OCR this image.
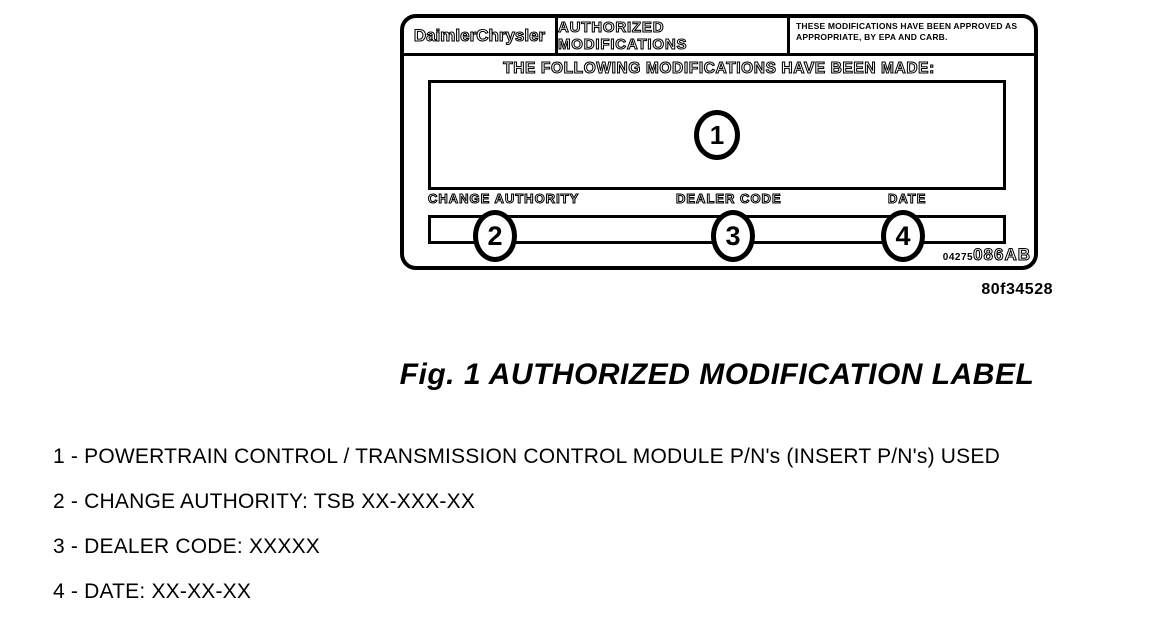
DaimlerChrysler AUTHORIZED MODIFICATIONS
THESE MODIFICATIONS HAVE BEEN APPROVED AS APPROPRIATE, BY EPA AND CARB.
THE FOLLOWING MODIFICATIONS HAVE BEEN MADE:
1
CHANGE AUTHORITY	DEALER CODE	DATE
2	3	4
04275 086AB
80f34528
Fig. 1 AUTHORIZED MODIFICATION LABEL
1 - POWERTRAIN CONTROL / TRANSMISSION CONTROL MODULE P/N's (INSERT P/N's) USED
2 - CHANGE AUTHORITY: TSB XX-XXX-XX
3 - DEALER CODE: XXXXX
4 - DATE: XX-XX-XX
